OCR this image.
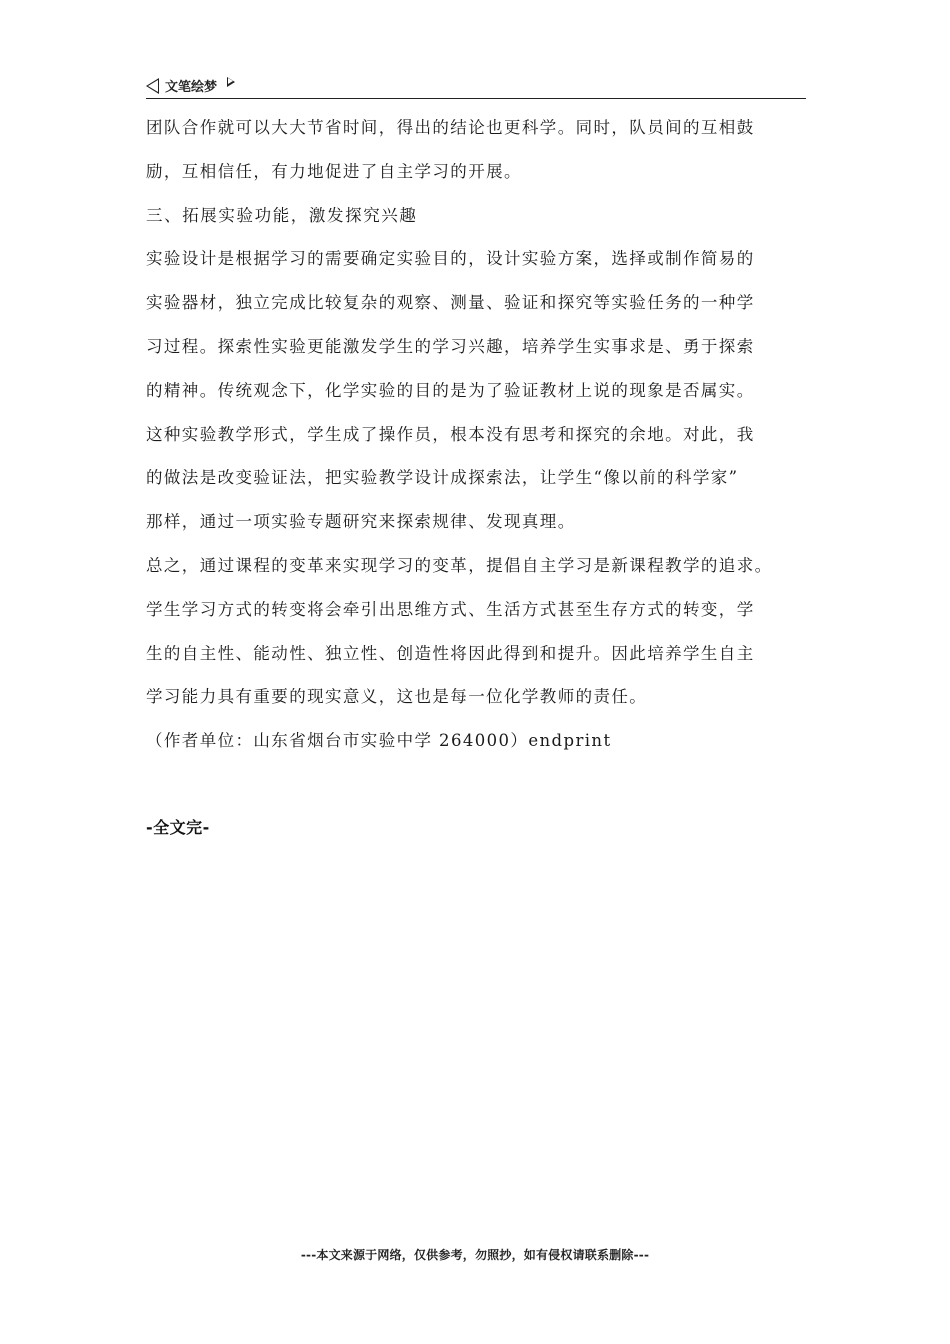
文笔绘梦
团队合作就可以大大节省时间，得出的结论也更科学。同时，队员间的互相鼓
励，互相信任，有力地促进了自主学习的开展。
三、拓展实验功能，激发探究兴趣
实验设计是根据学习的需要确定实验目的，设计实验方案，选择或制作简易的
实验器材，独立完成比较复杂的观察、测量、验证和探究等实验任务的一种学
习过程。探索性实验更能激发学生的学习兴趣，培养学生实事求是、勇于探索
的精神。传统观念下，化学实验的目的是为了验证教材上说的现象是否属实。
这种实验教学形式，学生成了操作员，根本没有思考和探究的余地。对此，我
的做法是改变验证法，把实验教学设计成探索法，让学生“像以前的科学家”
那样，通过一项实验专题研究来探索规律、发现真理。
总之，通过课程的变革来实现学习的变革，提倡自主学习是新课程教学的追求。
学生学习方式的转变将会牵引出思维方式、生活方式甚至生存方式的转变，学
生的自主性、能动性、独立性、创造性将因此得到和提升。因此培养学生自主
学习能力具有重要的现实意义，这也是每一位化学教师的责任。
（作者单位：山东省烟台市实验中学 264000）endprint
-全文完-
---本文来源于网络，仅供参考，勿照抄，如有侵权请联系删除---
